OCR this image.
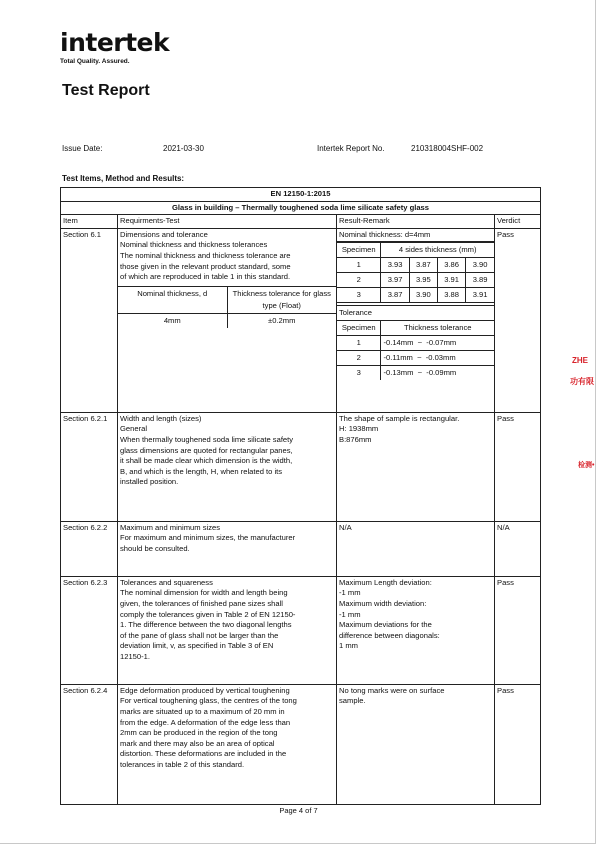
intertek
Total Quality. Assured.
Test Report
Issue Date:	2021-03-30	Intertek Report No.	210318004SHF-002
Test Items, Method and Results:
ZHE
功有限
检测•
EN 12150-1:2015
Glass in building – Thermally toughened soda lime silicate safety glass
Item	Requirments-Test	Result-Remark	Verdict
Section 6.1	Dimensions and tolerance
Nominal thickness and thickness tolerances
The nominal thickness and thickness tolerance are
those given in the relevant product standard, some
of which are reproduced in table 1 in this standard.
Nominal thickness, d	Thickness tolerance for glass type (Float)
4mm	±0.2mm

Nominal thickness: d=4mm
Specimen	4 sides thickness (mm)
1	3.93	3.87	3.86	3.90
2	3.97	3.95	3.91	3.89
3	3.87	3.90	3.88	3.91
Tolerance
Specimen	Thickness tolerance
1	-0.14mm  ~  -0.07mm
2	-0.11mm  ~  -0.03mm
3	-0.13mm  ~  -0.09mm
	Pass
Section 6.2.1	Width and length (sizes)
General
When thermally toughened soda lime silicate safety
glass dimensions are quoted for rectangular panes,
it shall be made clear which dimension is the width,
B, and which is the length, H, when related to its
installed position.

The shape of sample is rectangular.
H: 1938mm
B:876mm
	Pass
Section 6.2.2	Maximum and minimum sizes
For maximum and minimum sizes, the manufacturer
should be consulted.

N/A	N/A
Section 6.2.3	Tolerances and squareness
The nominal dimension for width and length being
given, the tolerances of finished pane sizes shall
comply the tolerances given in Table 2 of EN 12150-
1. The difference between the two diagonal lengths
of the pane of glass shall not be larger than the
deviation limit, v, as specified in Table 3 of EN
12150-1.

Maximum Length deviation:
-1 mm
Maximum width deviation:
-1 mm
Maximum deviations for the
difference between diagonals:
1 mm
	Pass
Section 6.2.4	Edge deformation produced by vertical toughening
For vertical toughening glass, the centres of the tong
marks are situated up to a maximum of 20 mm in
from the edge. A deformation of the edge less than
2mm can be produced in the region of the tong
mark and there may also be an area of optical
distortion. These deformations are included in the
tolerances in table 2 of this standard.

No tong marks were on surface
sample.
	Pass
Page 4 of 7
